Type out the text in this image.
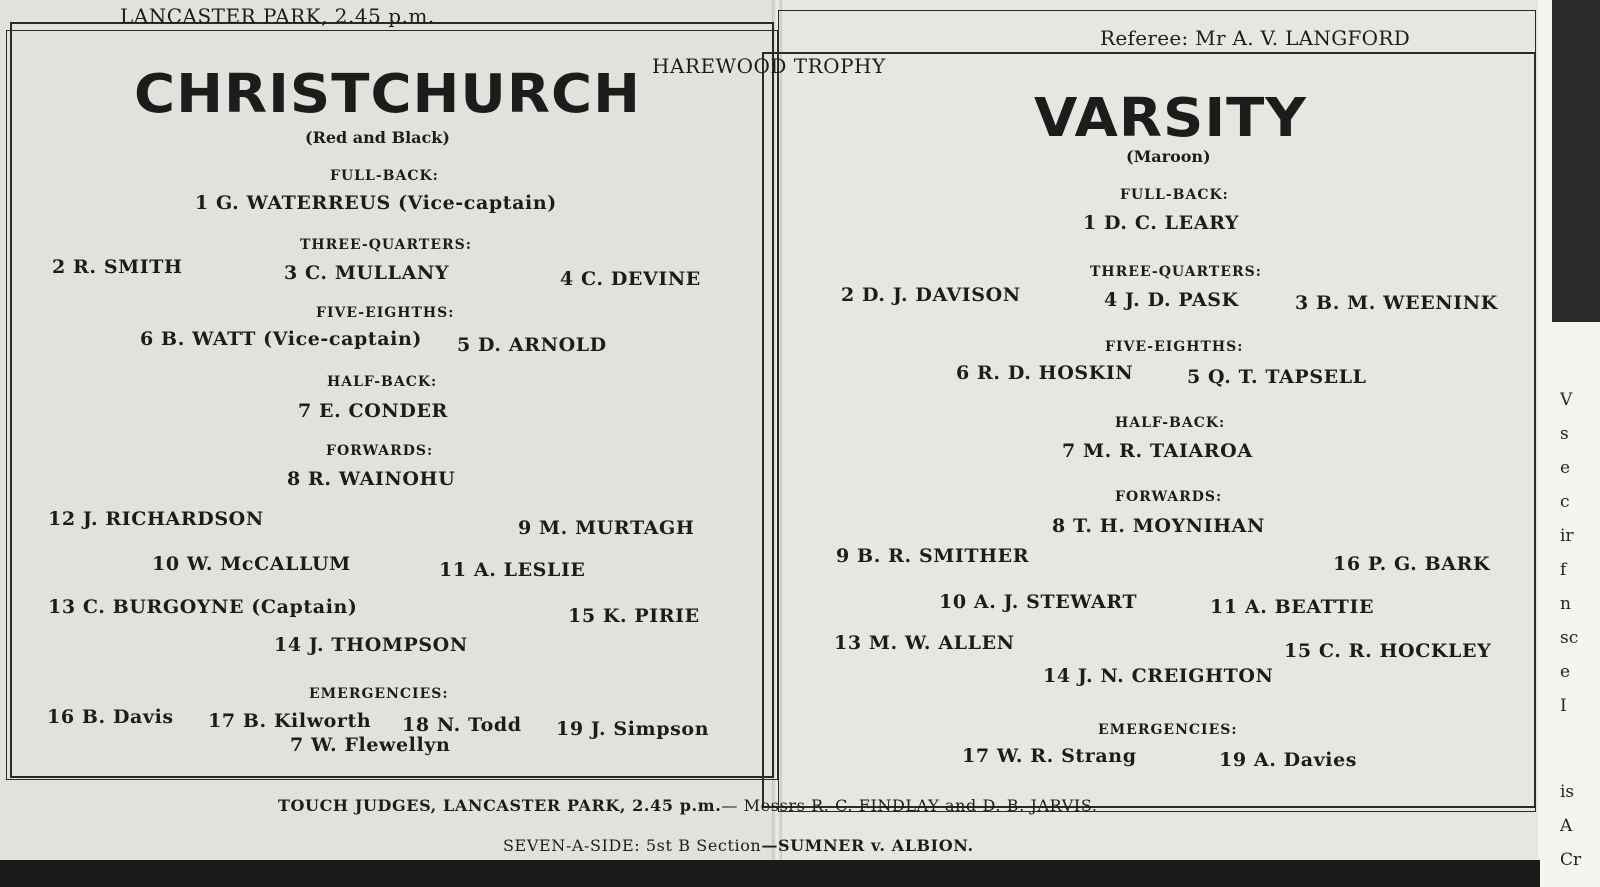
LANCASTER PARK, 2.45 p.m.
HAREWOOD TROPHY
Referee: Mr A. V. LANGFORD
CHRISTCHURCH
(Red and Black)
FULL-BACK:
1 G. WATERREUS (Vice-captain)
THREE-QUARTERS:
2 R. SMITH	3 C. MULLANY	4 C. DEVINE
FIVE-EIGHTHS:
6 B. WATT (Vice-captain) 5 D. ARNOLD
HALF-BACK:
7 E. CONDER
FORWARDS:
8 R. WAINOHU
12 J. RICHARDSON	9 M. MURTAGH
10 W. McCALLUM	11 A. LESLIE
13 C. BURGOYNE (Captain)	15 K. PIRIE
14 J. THOMPSON
EMERGENCIES:
16 B. Davis 17 B. Kilworth 18 N. Todd 19 J. Simpson
7 W. Flewellyn
VARSITY
(Maroon)
FULL-BACK:
1 D. C. LEARY
THREE-QUARTERS:
2 D. J. DAVISON	4 J. D. PASK	3 B. M. WEENINK
FIVE-EIGHTHS:
6 R. D. HOSKIN	5 Q. T. TAPSELL
HALF-BACK:
7 M. R. TAIAROA
FORWARDS:
8 T. H. MOYNIHAN
9 B. R. SMITHER	16 P. G. BARK
10 A. J. STEWART	11 A. BEATTIE
13 M. W. ALLEN	15 C. R. HOCKLEY
14 J. N. CREIGHTON
EMERGENCIES:
17 W. R. Strang	19 A. Davies
TOUCH JUDGES, LANCASTER PARK, 2.45 p.m.— Messrs R. C. FINDLAY and D. B. JARVIS.
SEVEN-A-SIDE: 5st B Section—SUMNER v. ALBION.
V
s
e
c
ir
f
n
sc
e
I
is
A
Cr
